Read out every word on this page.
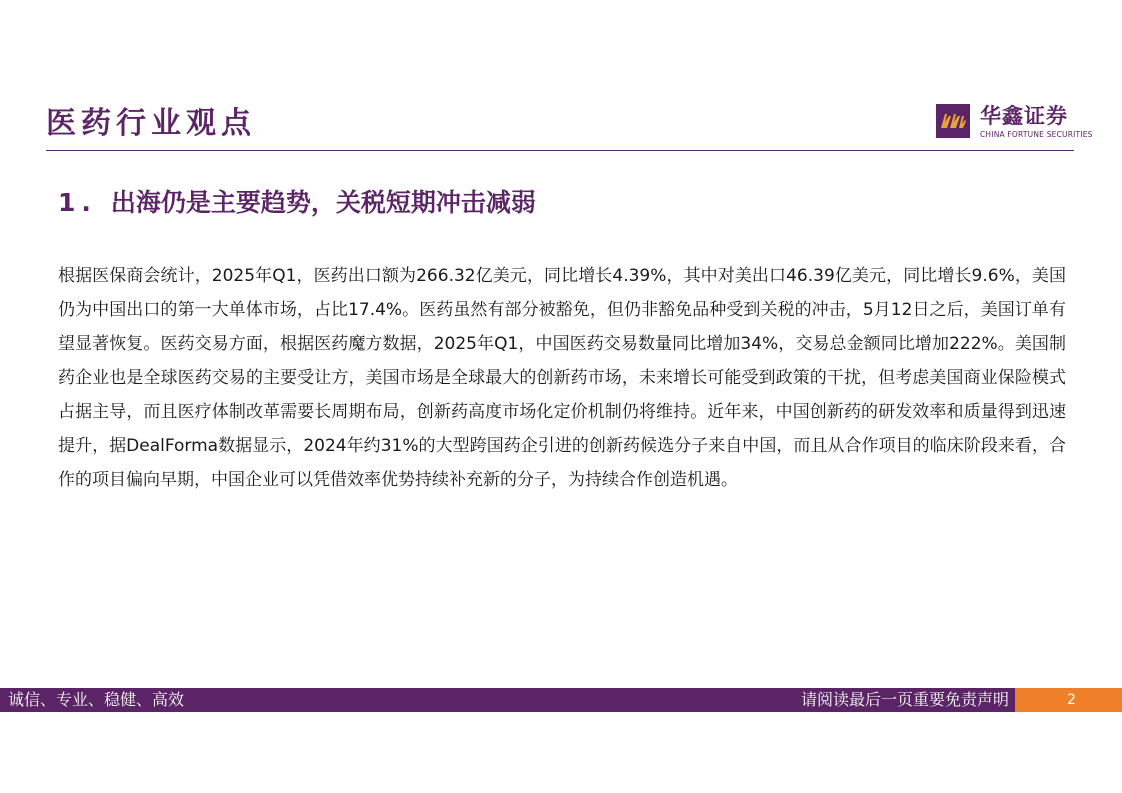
医药行业观点	华鑫证券
CHINA FORTUNE SECURITIES
1. 出海仍是主要趋势，关税短期冲击减弱

根据医保商会统计，2025年Q1，医药出口额为266.32亿美元，同比增长4.39%，其中对美出口46.39亿美元，同比增长9.6%，美国仍为中国出口的第一大单体市场，占比17.4%。医药虽然有部分被豁免，但仍非豁免品种受到关税的冲击，5月12日之后，美国订单有望显著恢复。医药交易方面，根据医药魔方数据，2025年Q1，中国医药交易数量同比增加34%，交易总金额同比增加222%。美国制药企业也是全球医药交易的主要受让方，美国市场是全球最大的创新药市场，未来增长可能受到政策的干扰，但考虑美国商业保险模式占据主导，而且医疗体制改革需要长周期布局，创新药高度市场化定价机制仍将维持。近年来，中国创新药的研发效率和质量得到迅速提升，据DealForma数据显示，2024年约31%的大型跨国药企引进的创新药候选分子来自中国，而且从合作项目的临床阶段来看，合作的项目偏向早期，中国企业可以凭借效率优势持续补充新的分子，为持续合作创造机遇。

诚信、专业、稳健、高效	请阅读最后一页重要免责声明	2
